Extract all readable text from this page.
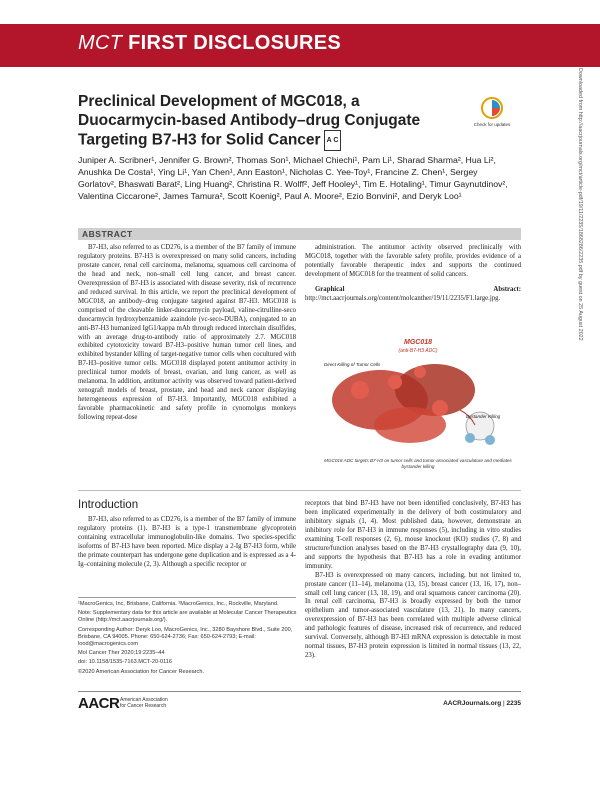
MCT FIRST DISCLOSURES
Preclinical Development of MGC018, a Duocarmycin-based Antibody–drug Conjugate Targeting B7-H3 for Solid Cancer A C
Check for updates
Juniper A. Scribner¹, Jennifer G. Brown², Thomas Son¹, Michael Chiechi¹, Pam Li¹, Sharad Sharma², Hua Li², Anushka De Costa¹, Ying Li¹, Yan Chen¹, Ann Easton¹, Nicholas C. Yee-Toy¹, Francine Z. Chen¹, Sergey Gorlatov², Bhaswati Barat², Ling Huang², Christina R. Wolff², Jeff Hooley¹, Tim E. Hotaling¹, Timur Gaynutdinov², Valentina Ciccarone², James Tamura², Scott Koenig², Paul A. Moore², Ezio Bonvini², and Deryk Loo¹
ABSTRACT

B7-H3, also referred to as CD276, is a member of the B7 family of immune regulatory proteins. B7-H3 is overexpressed on many solid cancers, including prostate cancer, renal cell carcinoma, melanoma, squamous cell carcinoma of the head and neck, non–small cell lung cancer, and breast cancer. Overexpression of B7-H3 is associated with disease severity, risk of recurrence and reduced survival. In this article, we report the preclinical development of MGC018, an antibody–drug conjugate targeted against B7-H3. MGC018 is comprised of the cleavable linker-duocarmycin payload, valine-citrulline-seco duocarmycin hydroxybenzamide azaindole (vc-seco-DUBA), conjugated to an anti-B7-H3 humanized IgG1/kappa mAb through reduced interchain disulfides, with an average drug-to-antibody ratio of approximately 2.7. MGC018 exhibited cytotoxicity toward B7-H3–positive human tumor cell lines, and exhibited bystander killing of target-negative tumor cells when cocultured with B7-H3–positive tumor cells. MGC018 displayed potent antitumor activity in preclinical tumor models of breast, ovarian, and lung cancer, as well as melanoma. In addition, antitumor activity was observed toward patient-derived xenograft models of breast, prostate, and head and neck cancer displaying heterogeneous expression of B7-H3. Importantly, MGC018 exhibited a favorable pharmacokinetic and safety profile in cynomolgus monkeys following repeat-dose

administration. The antitumor activity observed preclinically with MGC018, together with the favorable safety profile, provides evidence of a potentially favorable therapeutic index and supports the continued development of MGC018 for the treatment of solid cancers.

Graphical Abstract: http://mct.aacrjournals.org/content/molcanther/19/11/2235/F1.large.jpg.

MGC018
(anti-B7-H3 ADC)
Direct Killing of Tumor Cells
Bystander Killing
MGC018 ADC targets B7-H3 on tumor cells and tumor-associated vasculature and mediates bystander killing
Introduction

B7-H3, also referred to as CD276, is a member of the B7 family of immune regulatory proteins (1). B7-H3 is a type-1 transmembrane glycoprotein containing extracellular immunoglobulin-like domains. Two species-specific isoforms of B7-H3 have been reported. Mice display a 2-Ig B7-H3 form, while the primate counterpart has undergone gene duplication and is expressed as a 4-Ig–containing molecule (2, 3). Although a specific receptor or

receptors that bind B7-H3 have not been identified conclusively, B7-H3 has been implicated experimentally in the delivery of both costimulatory and inhibitory signals (1, 4). Most published data, however, demonstrate an inhibitory role for B7-H3 in immune responses (5), including in vitro studies examining T-cell responses (2, 6), mouse knockout (KO) studies (7, 8) and structure/function analyses based on the B7-H3 crystallography data (9, 10), and supports the hypothesis that B7-H3 has a role in evading antitumor immunity.

B7-H3 is overexpressed on many cancers, including, but not limited to, prostate cancer (11–14), melanoma (13, 15), breast cancer (13, 16, 17), non–small cell lung cancer (13, 18, 19), and oral squamous cancer carcinoma (20). In renal cell carcinoma, B7-H3 is broadly expressed by both the tumor epithelium and tumor-associated vasculature (13, 21). In many cancers, overexpression of B7-H3 has been correlated with multiple adverse clinical and pathologic features of disease, increased risk of recurrence, and reduced survival. Conversely, although B7-H3 mRNA expression is detectable in most normal tissues, B7-H3 protein expression is limited in normal tissues (13, 22, 23).

¹MacroGenics, Inc, Brisbane, California. ²MacroGenics, Inc., Rockville, Maryland.

Note: Supplementary data for this article are available at Molecular Cancer Therapeutics Online (http://mct.aacrjournals.org/).

Corresponding Author: Deryk Loo, MacroGenics, Inc., 3280 Bayshore Blvd., Suite 200, Brisbane, CA 94005. Phone: 650-624-2736; Fax: 650-624-2793; E-mail: lood@macrogenics.com

Mol Cancer Ther 2020;19:2235–44

doi: 10.1158/1535-7163.MCT-20-0116

©2020 American Association for Cancer Research.

AACR American Association
for Cancer Research	AACRJournals.org | 2235
Downloaded from http://aacrjournals.org/mct/article-pdf/19/11/2235/1868286/2235.pdf by guest on 25 August 2022
